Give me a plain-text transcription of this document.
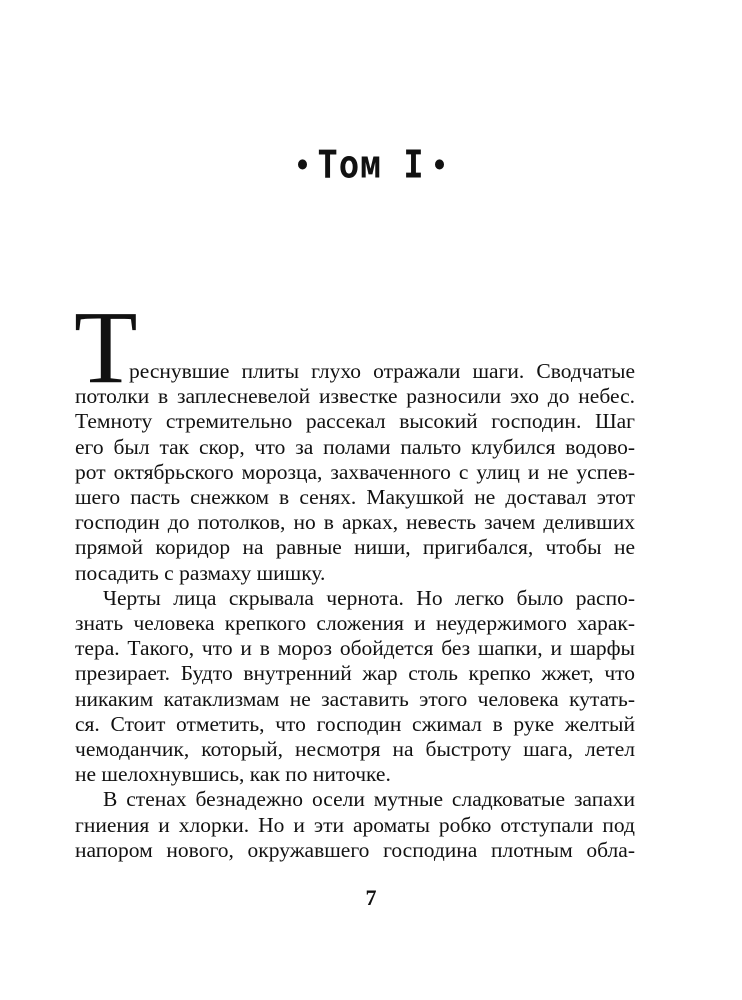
Том I
Т
реснувшие плиты глухо отражали шаги. Сводчатые
потолки в заплесневелой известке разносили эхо до небес.
Темноту стремительно рассекал высокий господин. Шаг
его был так скор, что за полами пальто клубился водово-
рот октябрьского морозца, захваченного с улиц и не успев-
шего пасть снежком в сенях. Макушкой не доставал этот
господин до потолков, но в арках, невесть зачем деливших
прямой коридор на равные ниши, пригибался, чтобы не
посадить с размаху шишку.
Черты лица скрывала чернота. Но легко было распо-
знать человека крепкого сложения и неудержимого харак-
тера. Такого, что и в мороз обойдется без шапки, и шарфы
презирает. Будто внутренний жар столь крепко жжет, что
никаким катаклизмам не заставить этого человека кутать-
ся. Стоит отметить, что господин сжимал в руке желтый
чемоданчик, который, несмотря на быстроту шага, летел
не шелохнувшись, как по ниточке.
В стенах безнадежно осели мутные сладковатые запахи
гниения и хлорки. Но и эти ароматы робко отступали под
напором нового, окружавшего господина плотным обла-
7
